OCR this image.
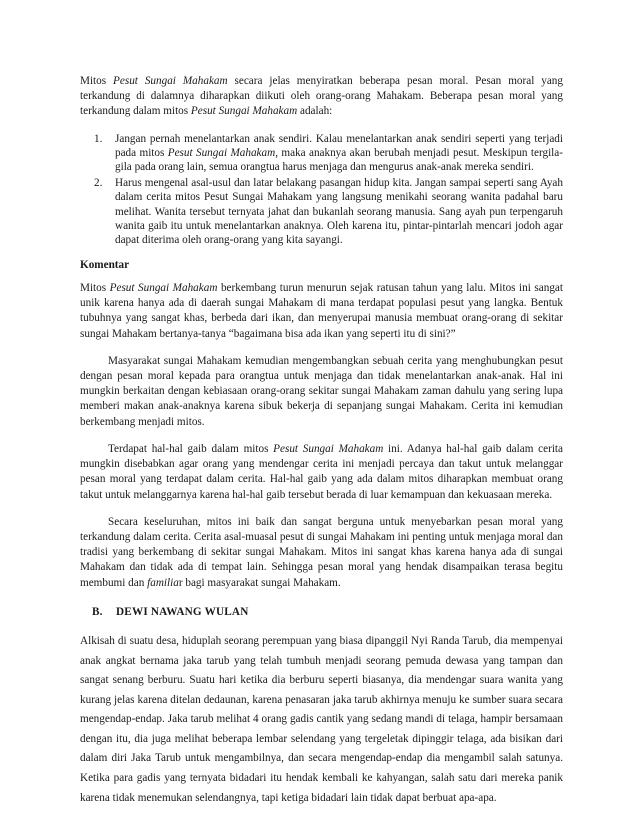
Mitos Pesut Sungai Mahakam secara jelas menyiratkan beberapa pesan moral. Pesan moral yang terkandung di dalamnya diharapkan diikuti oleh orang-orang Mahakam. Beberapa pesan moral yang terkandung dalam mitos Pesut Sungai Mahakam adalah:

1. Jangan pernah menelantarkan anak sendiri. Kalau menelantarkan anak sendiri seperti yang terjadi pada mitos Pesut Sungai Mahakam, maka anaknya akan berubah menjadi pesut. Meskipun tergila-gila pada orang lain, semua orangtua harus menjaga dan mengurus anak-anak mereka sendiri.
2. Harus mengenal asal-usul dan latar belakang pasangan hidup kita. Jangan sampai seperti sang Ayah dalam cerita mitos Pesut Sungai Mahakam yang langsung menikahi seorang wanita padahal baru melihat. Wanita tersebut ternyata jahat dan bukanlah seorang manusia. Sang ayah pun terpengaruh wanita gaib itu untuk menelantarkan anaknya. Oleh karena itu, pintar-pintarlah mencari jodoh agar dapat diterima oleh orang-orang yang kita sayangi.

Komentar

Mitos Pesut Sungai Mahakam berkembang turun menurun sejak ratusan tahun yang lalu. Mitos ini sangat unik karena hanya ada di daerah sungai Mahakam di mana terdapat populasi pesut yang langka. Bentuk tubuhnya yang sangat khas, berbeda dari ikan, dan menyerupai manusia membuat orang-orang di sekitar sungai Mahakam bertanya-tanya “bagaimana bisa ada ikan yang seperti itu di sini?”

Masyarakat sungai Mahakam kemudian mengembangkan sebuah cerita yang menghubungkan pesut dengan pesan moral kepada para orangtua untuk menjaga dan tidak menelantarkan anak-anak. Hal ini mungkin berkaitan dengan kebiasaan orang-orang sekitar sungai Mahakam zaman dahulu yang sering lupa memberi makan anak-anaknya karena sibuk bekerja di sepanjang sungai Mahakam. Cerita ini kemudian berkembang menjadi mitos.

Terdapat hal-hal gaib dalam mitos Pesut Sungai Mahakam ini. Adanya hal-hal gaib dalam cerita mungkin disebabkan agar orang yang mendengar cerita ini menjadi percaya dan takut untuk melanggar pesan moral yang terdapat dalam cerita. Hal-hal gaib yang ada dalam mitos diharapkan membuat orang takut untuk melanggarnya karena hal-hal gaib tersebut berada di luar kemampuan dan kekuasaan mereka.

Secara keseluruhan, mitos ini baik dan sangat berguna untuk menyebarkan pesan moral yang terkandung dalam cerita. Cerita asal-muasal pesut di sungai Mahakam ini penting untuk menjaga moral dan tradisi yang berkembang di sekitar sungai Mahakam. Mitos ini sangat khas karena hanya ada di sungai Mahakam dan tidak ada di tempat lain. Sehingga pesan moral yang hendak disampaikan terasa begitu membumi dan familiar bagi masyarakat sungai Mahakam.

B. DEWI NAWANG WULAN

Alkisah di suatu desa, hiduplah seorang perempuan yang biasa dipanggil Nyi Randa Tarub, dia mempenyai anak angkat bernama jaka tarub yang telah tumbuh menjadi seorang pemuda dewasa yang tampan dan sangat senang berburu. Suatu hari ketika dia berburu seperti biasanya, dia mendengar suara wanita yang kurang jelas karena ditelan dedaunan, karena penasaran jaka tarub akhirnya menuju ke sumber suara secara mengendap-endap. Jaka tarub melihat 4 orang gadis cantik yang sedang mandi di telaga, hampir bersamaan dengan itu, dia juga melihat beberapa lembar selendang yang tergeletak dipinggir telaga, ada bisikan dari dalam diri Jaka Tarub untuk mengambilnya, dan secara mengendap-endap dia mengambil salah satunya. Ketika para gadis yang ternyata bidadari itu hendak kembali ke kahyangan, salah satu dari mereka panik karena tidak menemukan selendangnya, tapi ketiga bidadari lain tidak dapat berbuat apa-apa.
